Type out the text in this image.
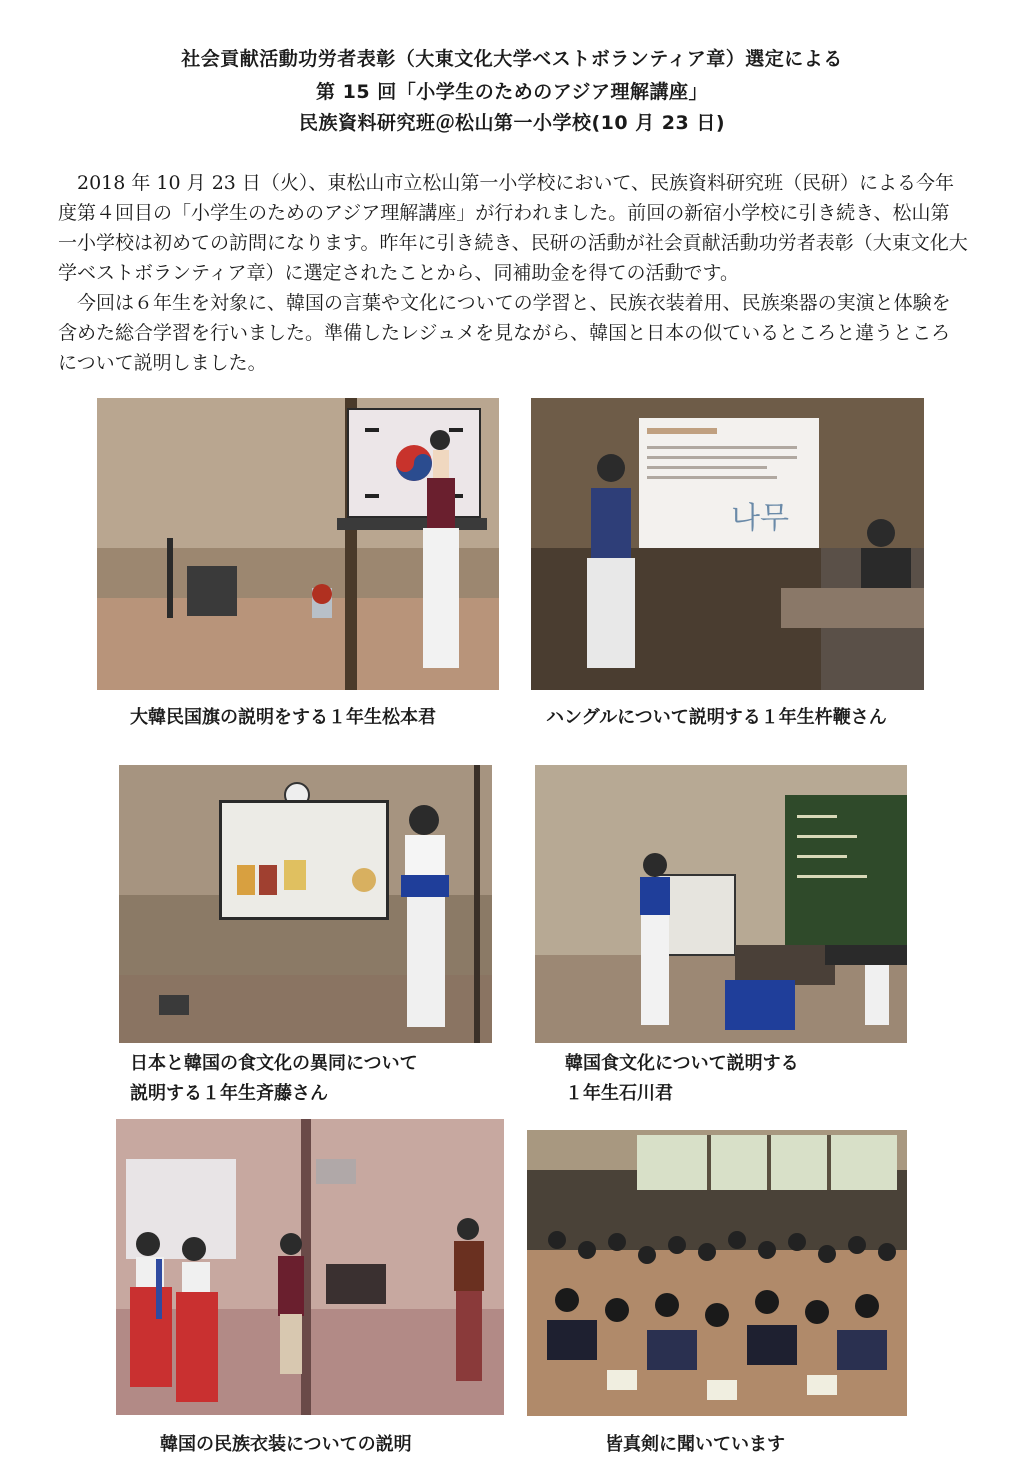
社会貢献活動功労者表彰（大東文化大学ベストボランティア章）選定による
第 15 回「小学生のためのアジア理解講座」
民族資料研究班＠松山第一小学校(10 月 23 日)

2018 年 10 月 23 日（火）、東松山市立松山第一小学校において、民族資料研究班（民研）による今年度第４回目の「小学生のためのアジア理解講座」が行われました。前回の新宿小学校に引き続き、松山第一小学校は初めての訪問になります。昨年に引き続き、民研の活動が社会貢献活動功労者表彰（大東文化大学ベストボランティア章）に選定されたことから、同補助金を得ての活動です。

今回は６年生を対象に、韓国の言葉や文化についての学習と、民族衣装着用、民族楽器の実演と体験を含めた総合学習を行いました。準備したレジュメを見ながら、韓国と日本の似ているところと違うところについて説明しました。

大韓民国旗の説明をする１年生松本君
나무
ハングルについて説明する１年生杵鞭さん
日本と韓国の食文化の異同について
説明する１年生斉藤さん
韓国食文化について説明する
１年生石川君
韓国の民族衣装についての説明	皆真剣に聞いています
